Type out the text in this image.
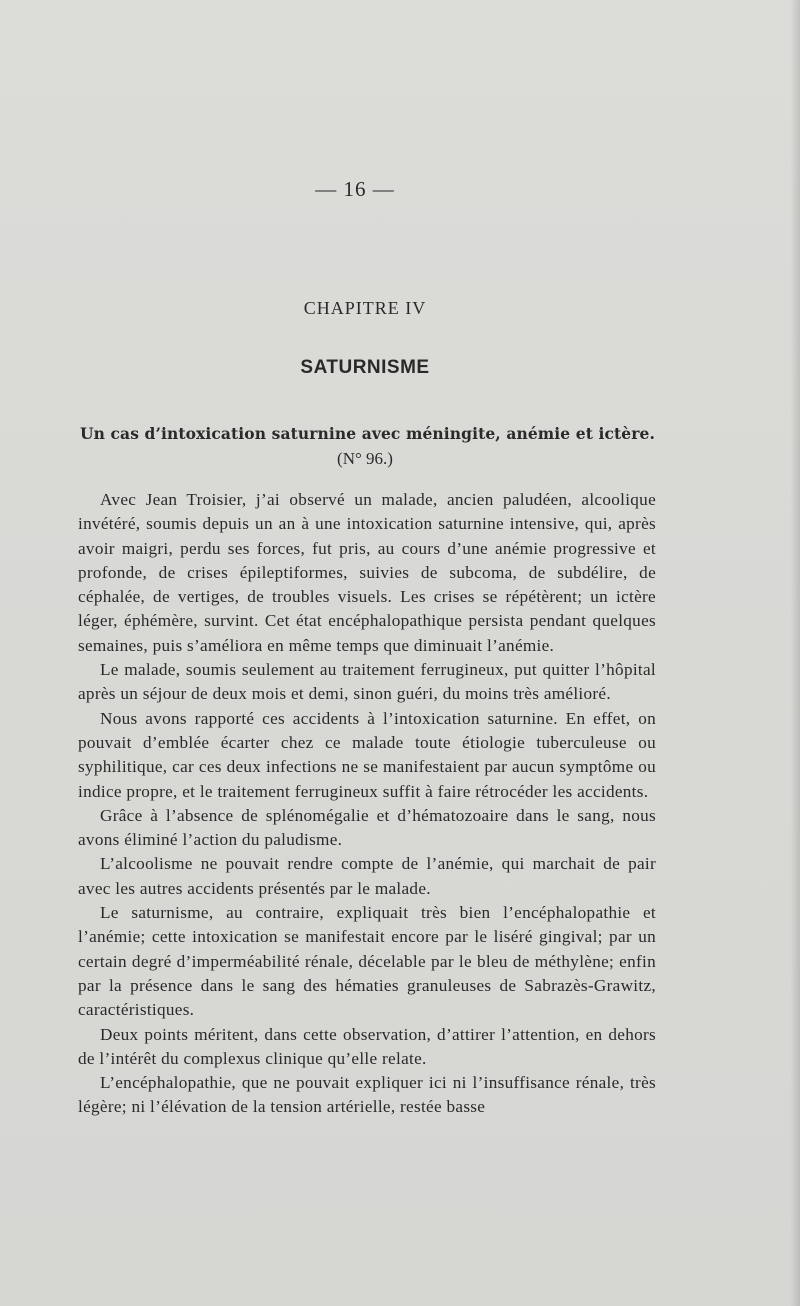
— 16 —
CHAPITRE IV
SATURNISME
Un cas d’intoxication saturnine avec méningite, anémie et ictère.
(N° 96.)

Avec Jean Troisier, j’ai observé un malade, ancien paludéen, alcoolique invétéré, soumis depuis un an à une intoxication saturnine intensive, qui, après avoir maigri, perdu ses forces, fut pris, au cours d’une anémie progressive et profonde, de crises épileptiformes, suivies de subcoma, de subdélire, de céphalée, de vertiges, de troubles visuels. Les crises se répétèrent; un ictère léger, éphémère, survint. Cet état encéphalopathique persista pendant quelques semaines, puis s’améliora en même temps que diminuait l’anémie.

Le malade, soumis seulement au traitement ferrugineux, put quitter l’hôpital après un séjour de deux mois et demi, sinon guéri, du moins très amélioré.

Nous avons rapporté ces accidents à l’intoxication saturnine. En effet, on pouvait d’emblée écarter chez ce malade toute étiologie tuberculeuse ou syphilitique, car ces deux infections ne se manifestaient par aucun symptôme ou indice propre, et le traitement ferrugineux suffit à faire rétrocéder les accidents.

Grâce à l’absence de splénomégalie et d’hématozoaire dans le sang, nous avons éliminé l’action du paludisme.

L’alcoolisme ne pouvait rendre compte de l’anémie, qui marchait de pair avec les autres accidents présentés par le malade.

Le saturnisme, au contraire, expliquait très bien l’encéphalopathie et l’anémie; cette intoxication se manifestait encore par le liséré gingival; par un certain degré d’imperméabilité rénale, décelable par le bleu de méthylène; enfin par la présence dans le sang des hématies granuleuses de Sabrazès-Grawitz, caractéristiques.

Deux points méritent, dans cette observation, d’attirer l’attention, en dehors de l’intérêt du complexus clinique qu’elle relate.

L’encéphalopathie, que ne pouvait expliquer ici ni l’insuffisance rénale, très légère; ni l’élévation de la tension artérielle, restée basse
